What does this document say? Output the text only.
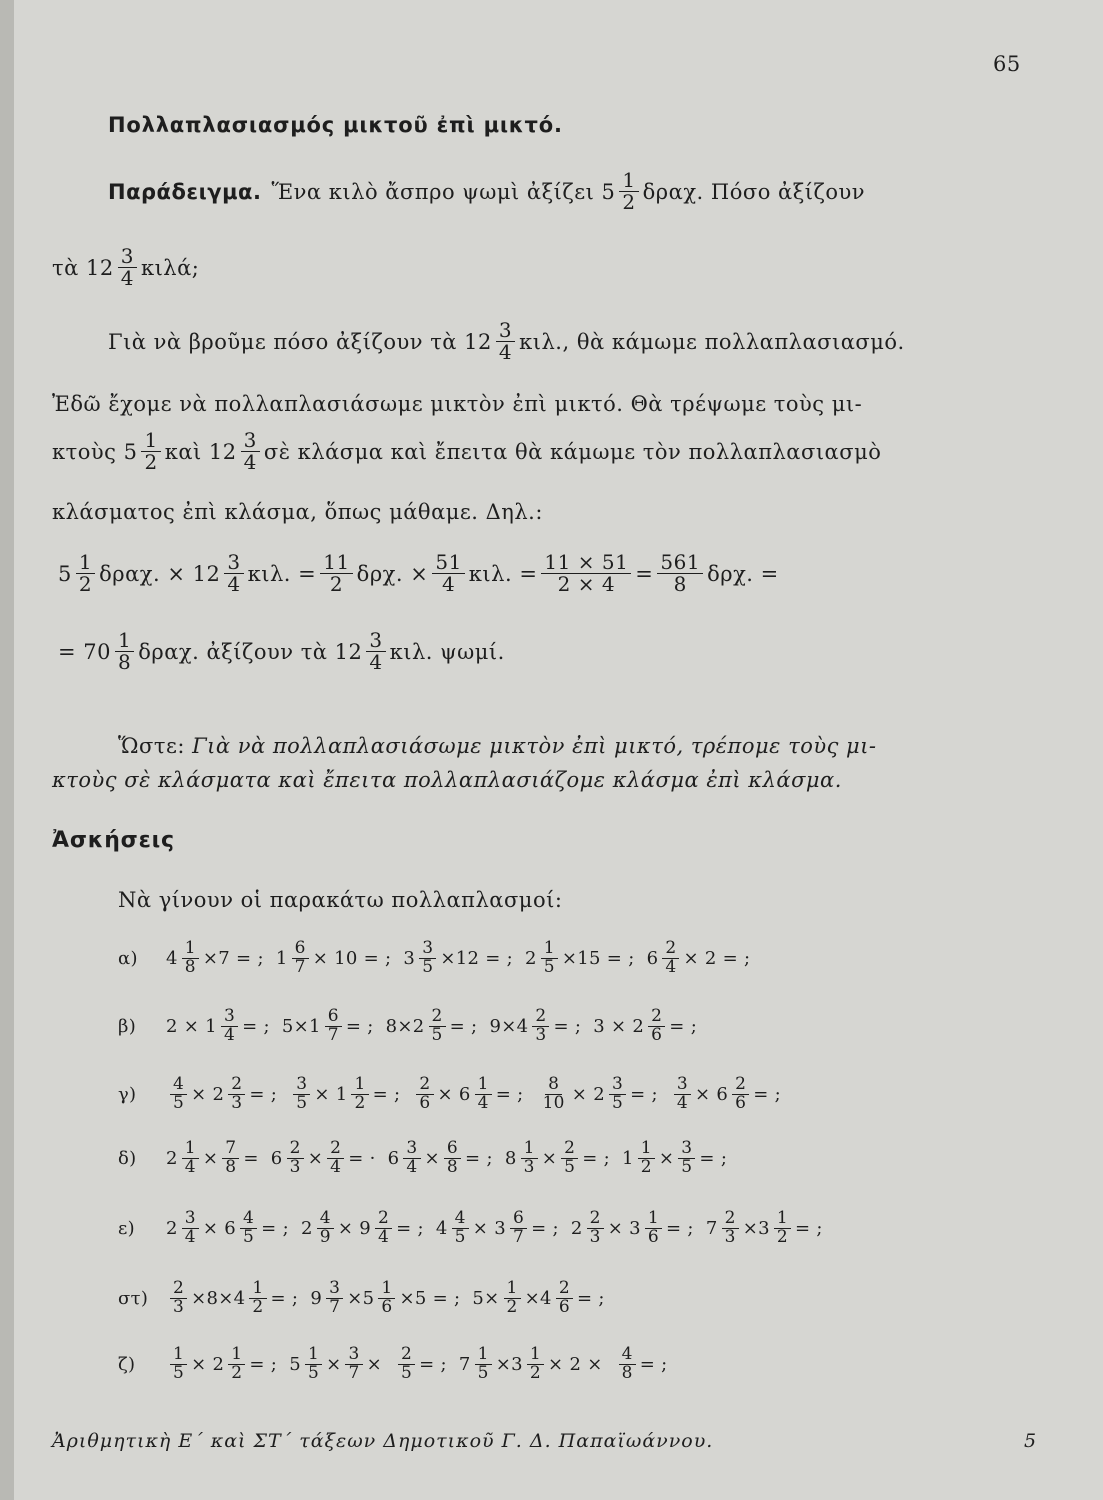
65
Πολλαπλασιασμός μικτοῦ ἐπὶ μικτό.
Παράδειγμα. Ἕνα κιλὸ ἄσπρο ψωμὶ ἀξίζει $5 \frac{1}{2} \delta\rho\alpha\chi$. Πόσο ἀξίζουν
τὰ $12 \frac{3}{4} \kappa\iota\lambda ά$;
Γιὰ νὰ βροῦμε πόσο ἀξίζουν τὰ $12 \frac{3}{4} \kappa\iota\lambda$., θὰ κάμωμε πολλαπλασιασμό.
Ἐδῶ ἔχομε νὰ πολλαπλασιάσωμε μικτὸν ἐπὶ μικτό. Θὰ τρέψωμε τοὺς μι-
κτοὺς $5 \frac{1}{2}$ καὶ $12 \frac{3}{4}$ σὲ κλάσμα καὶ ἔπειτα θὰ κάμωμε τὸν πολλαπλασιασμὸ
κλάσματος ἐπὶ κλάσμα, ὅπως μάθαμε. Δηλ.:
$5 \frac{1}{2} \delta\rho\alpha\chi$. × $12 \frac{3}{4} \kappa\iota\lambda$. = $\frac{11}{2} \delta\rho\chi$. × $\frac{51}{4} \kappa\iota\lambda$. = $\frac{11 \times 51}{2 \times 4} = \frac{561}{8} \delta\rho\chi$. =
= $70 \frac{1}{8} \delta\rho\alpha\chi$. ἀξίζουν τὰ $12 \frac{3}{4} \kappa\iota\lambda$. ψωμί.
Ὥστε: Γιὰ νὰ πολλαπλασιάσωμε μικτὸν ἐπὶ μικτό, τρέπομε τοὺς μι-
κτοὺς σὲ κλάσματα καὶ ἔπειτα πολλαπλασιάζομε κλάσμα ἐπὶ κλάσμα.
Ἀσκήσεις
Νὰ γίνουν οἱ παρακάτω πολλαπλασμοί:
α)	$4 \frac{1}{8} \times 7$ = ; $1 \frac{6}{7} \times 10$ = ; $3 \frac{3}{5} \times 12$ = ; $2 \frac{1}{5} \times 15$ = ; $6 \frac{2}{4} \times 2$ = ;
β)	$2 \times 1 \frac{3}{4}$ = ; $5\times 1 \frac{6}{7}$ = ; $8\times 2 \frac{2}{5}$ = ; $9\times 4 \frac{2}{3}$ = ; $3 \times 2 \frac{2}{6}$ = ;
γ)	$\frac{4}{5} \times 2 \frac{2}{3}$ = ; $\frac{3}{5} \times 1 \frac{1}{2}$ = ; $\frac{2}{6} \times 6 \frac{1}{4}$ = ; $\frac{8}{10} \times 2 \frac{3}{5}$ = ; $\frac{3}{4} \times 6 \frac{2}{6}$ = ;
δ)	$2 \frac{1}{4} \times \frac{7}{8} = 6 \frac{2}{3} \times \frac{2}{4}$ = · $6 \frac{3}{4} \times \frac{6}{8}$ = ; $8 \frac{1}{3} \times \frac{2}{5}$ = ; $1 \frac{1}{2} \times \frac{3}{5}$ = ;
ε)	$2 \frac{3}{4} \times 6 \frac{4}{5}$ = ; $2 \frac{4}{9} \times 9 \frac{2}{4}$ = ; $4 \frac{4}{5} \times 3 \frac{6}{7}$ = ; $2 \frac{2}{3} \times 3 \frac{1}{6}$ = ; $7 \frac{2}{3} \times 3 \frac{1}{2}$ = ;
στ)	$\frac{2}{3} \times 8\times 4 \frac{1}{2}$ = ; $9 \frac{3}{7} \times 5 \frac{1}{6} \times 5$ = ; $5\times \frac{1}{2} \times 4 \frac{2}{6}$ = ;
ζ)	$\frac{1}{5} \times 2 \frac{1}{2}$ = ; $5 \frac{1}{5} \times \frac{3}{7} \times \frac{2}{5}$ = ; $7 \frac{1}{5} \times 3 \frac{1}{2} \times 2 \times \frac{4}{8}$ = ;
Ἀριθμητικὴ Ε΄ καὶ ΣΤ΄ τάξεων Δημοτικοῦ Γ. Δ. Παπαϊωάννου.	5
